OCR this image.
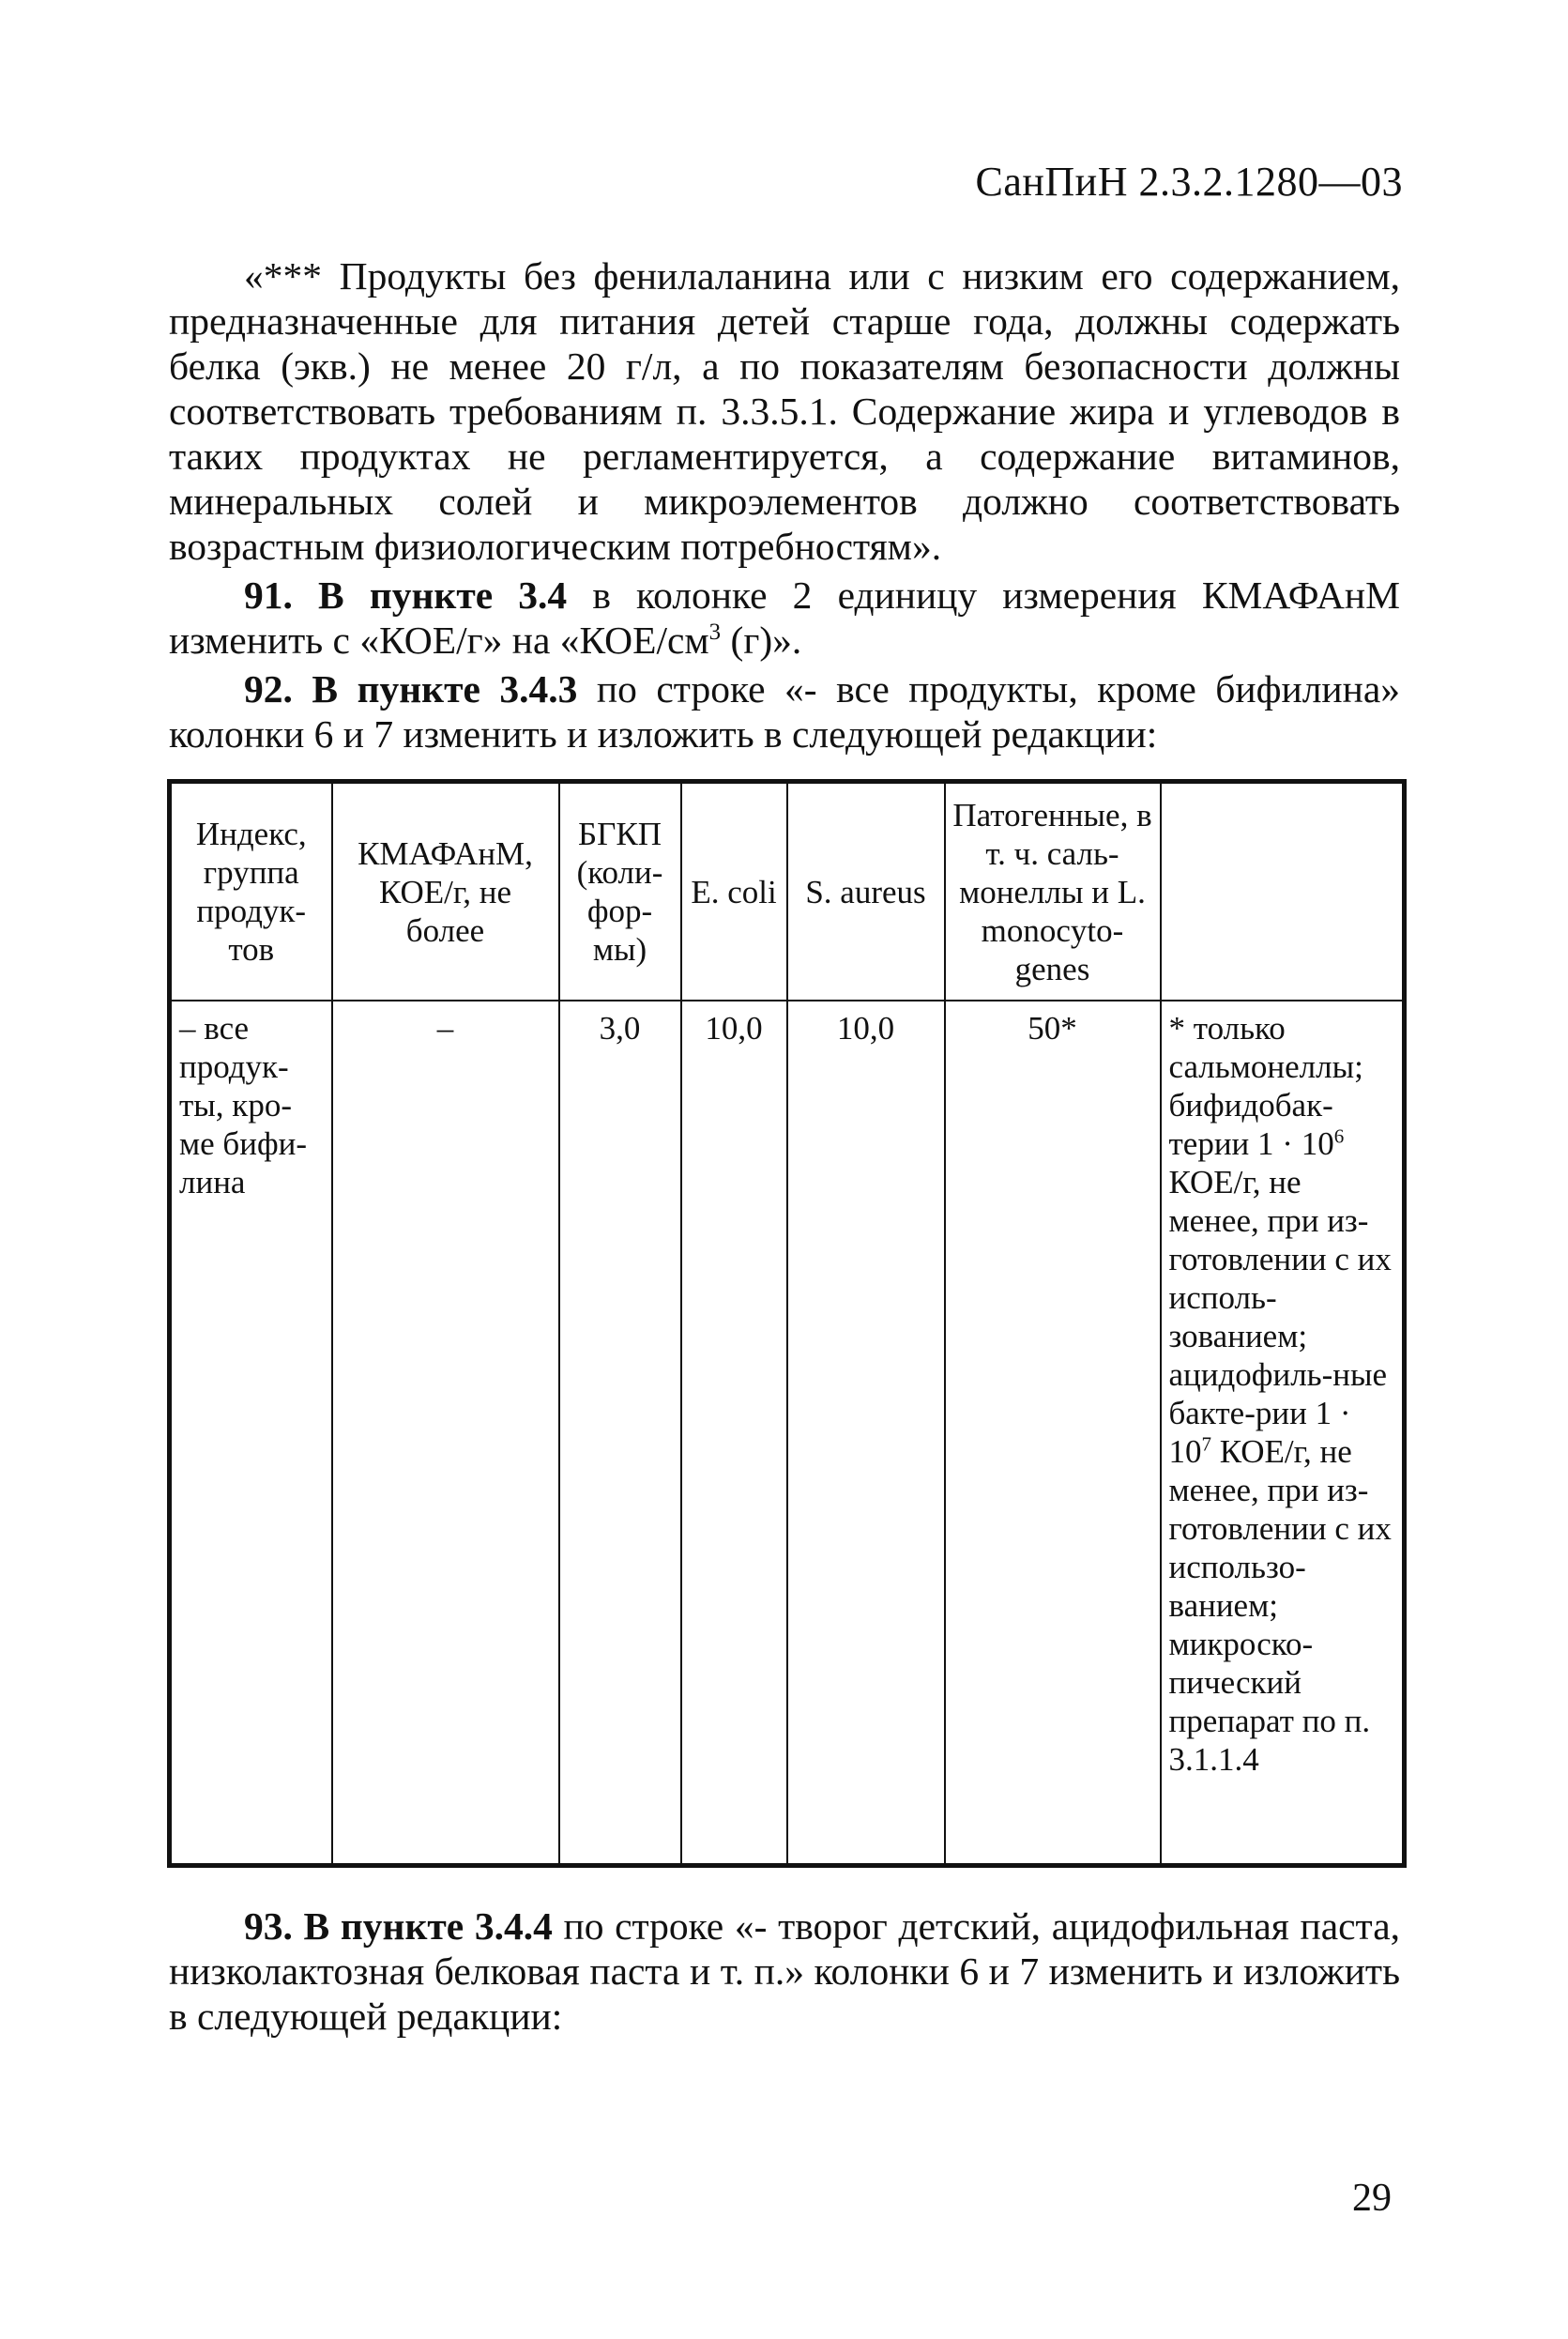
СанПиН 2.3.2.1280—03

«*** Продукты без фенилаланина или с низким его содержанием, предназначенные для питания детей старше года, должны содержать белка (экв.) не менее 20 г/л, а по показателям безопасности должны соответствовать требованиям п. 3.3.5.1. Содержание жира и углеводов в таких продуктах не регламентируется, а содержание витаминов, минеральных солей и микроэлементов должно соответствовать возрастным физиологическим потребностям».

91. В пункте 3.4 в колонке 2 единицу измерения КМАФАнМ изменить с «КОЕ/г» на «$КОЕ/см^3$ (г)».

92. В пункте 3.4.3 по строке «- все продукты, кроме бифилина» колонки 6 и 7 изменить и изложить в следующей редакции:

Индекс, группа продук-тов	КМАФАнМ, КОЕ/г, не более	БГКП (коли-фор-мы)	E. coli	S. aureus	Патогенные, в т. ч. саль-монеллы и L. monocyto-genes	
– все продук-ты, кро-ме бифи-лина	–	3,0	10,0	10,0	50*	* только сальмонеллы; бифидобак-терии $1 \cdot 10^6$ КОЕ/г, не менее, при из-готовлении с их исполь-зованием; ацидофиль-ные бакте-рии $1 \cdot 10^7$ КОЕ/г, не менее, при из-готовлении с их использо-ванием; микроско-пический препарат по п. 3.1.1.4

93. В пункте 3.4.4 по строке «- творог детский, ацидофильная паста, низколактозная белковая паста и т. п.» колонки 6 и 7 изменить и изложить в следующей редакции:

29
